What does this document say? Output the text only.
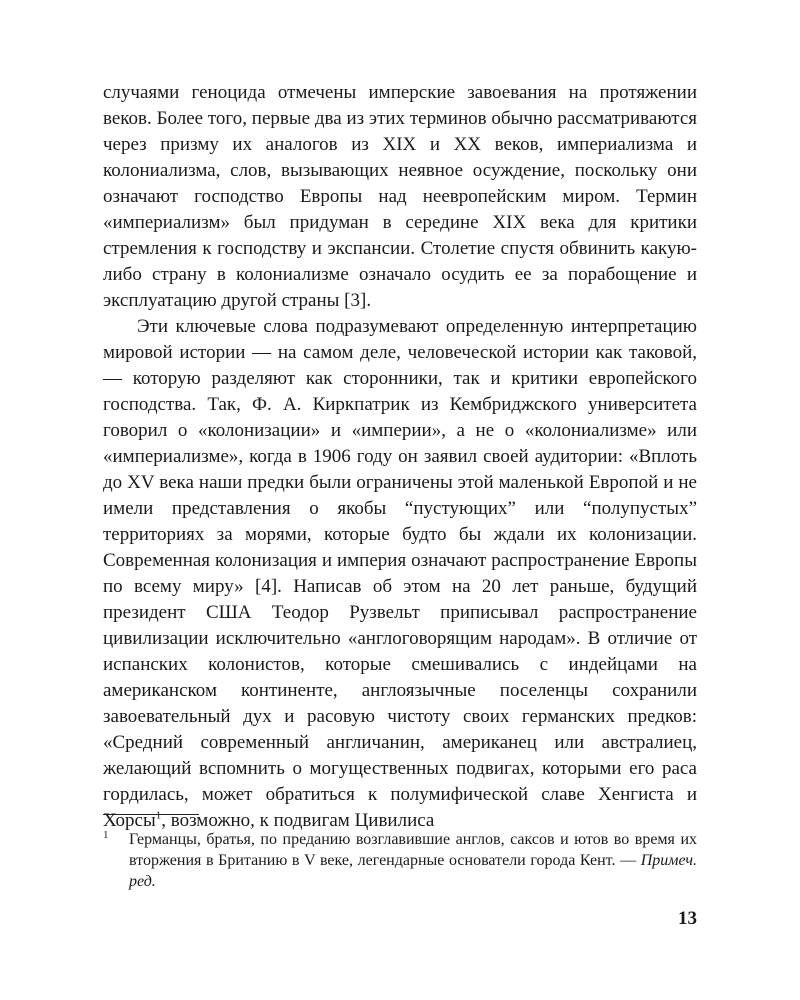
случаями геноцида отмечены имперские завоевания на протяжении веков. Более того, первые два из этих терминов обычно рассматриваются через призму их аналогов из XIX и XX веков, империализма и колониализма, слов, вызывающих неявное осуждение, поскольку они означают господство Европы над неевропейским миром. Термин «империализм» был придуман в середине XIX века для критики стремления к господству и экспансии. Столетие спустя обвинить какую-либо страну в колониализме означало осудить ее за порабощение и эксплуатацию другой страны [3].

Эти ключевые слова подразумевают определенную интерпретацию мировой истории — на самом деле, человеческой истории как таковой, — которую разделяют как сторонники, так и критики европейского господства. Так, Ф. А. Киркпатрик из Кембриджского университета говорил о «колонизации» и «империи», а не о «колониализме» или «империализме», когда в 1906 году он заявил своей аудитории: «Вплоть до XV века наши предки были ограничены этой маленькой Европой и не имели представления о якобы “пустующих” или “полупустых” территориях за морями, которые будто бы ждали их колонизации. Современная колонизация и империя означают распространение Европы по всему миру» [4]. Написав об этом на 20 лет раньше, будущий президент США Теодор Рузвельт приписывал распространение цивилизации исключительно «англоговорящим народам». В отличие от испанских колонистов, которые смешивались с индейцами на американском континенте, англоязычные поселенцы сохранили завоевательный дух и расовую чистоту своих германских предков: «Средний современный англичанин, американец или австралиец, желающий вспомнить о могущественных подвигах, которыми его раса гордилась, может обратиться к полумифической славе Хенгиста и Хорсы$^1$, возможно, к подвигам Цивилиса

1	Германцы, братья, по преданию возглавившие англов, саксов и ютов во время их вторжения в Британию в V веке, легендарные основатели города Кент. — Примеч. ред.
13
